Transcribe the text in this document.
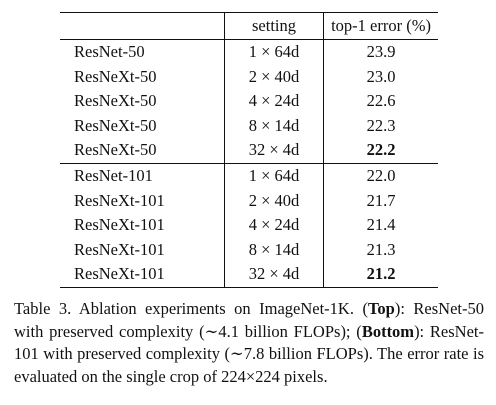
	setting	top-1 error (%)
ResNet-50	1 × 64d	23.9
ResNeXt-50	2 × 40d	23.0
ResNeXt-50	4 × 24d	22.6
ResNeXt-50	8 × 14d	22.3
ResNeXt-50	32 × 4d	22.2
ResNet-101	1 × 64d	22.0
ResNeXt-101	2 × 40d	21.7
ResNeXt-101	4 × 24d	21.4
ResNeXt-101	8 × 14d	21.3
ResNeXt-101	32 × 4d	21.2
Table 3. Ablation experiments on ImageNet-1K. (Top): ResNet-50 with preserved complexity (∼4.1 billion FLOPs); (Bottom): ResNet-101 with preserved complexity (∼7.8 billion FLOPs). The error rate is evaluated on the single crop of 224×224 pixels.
